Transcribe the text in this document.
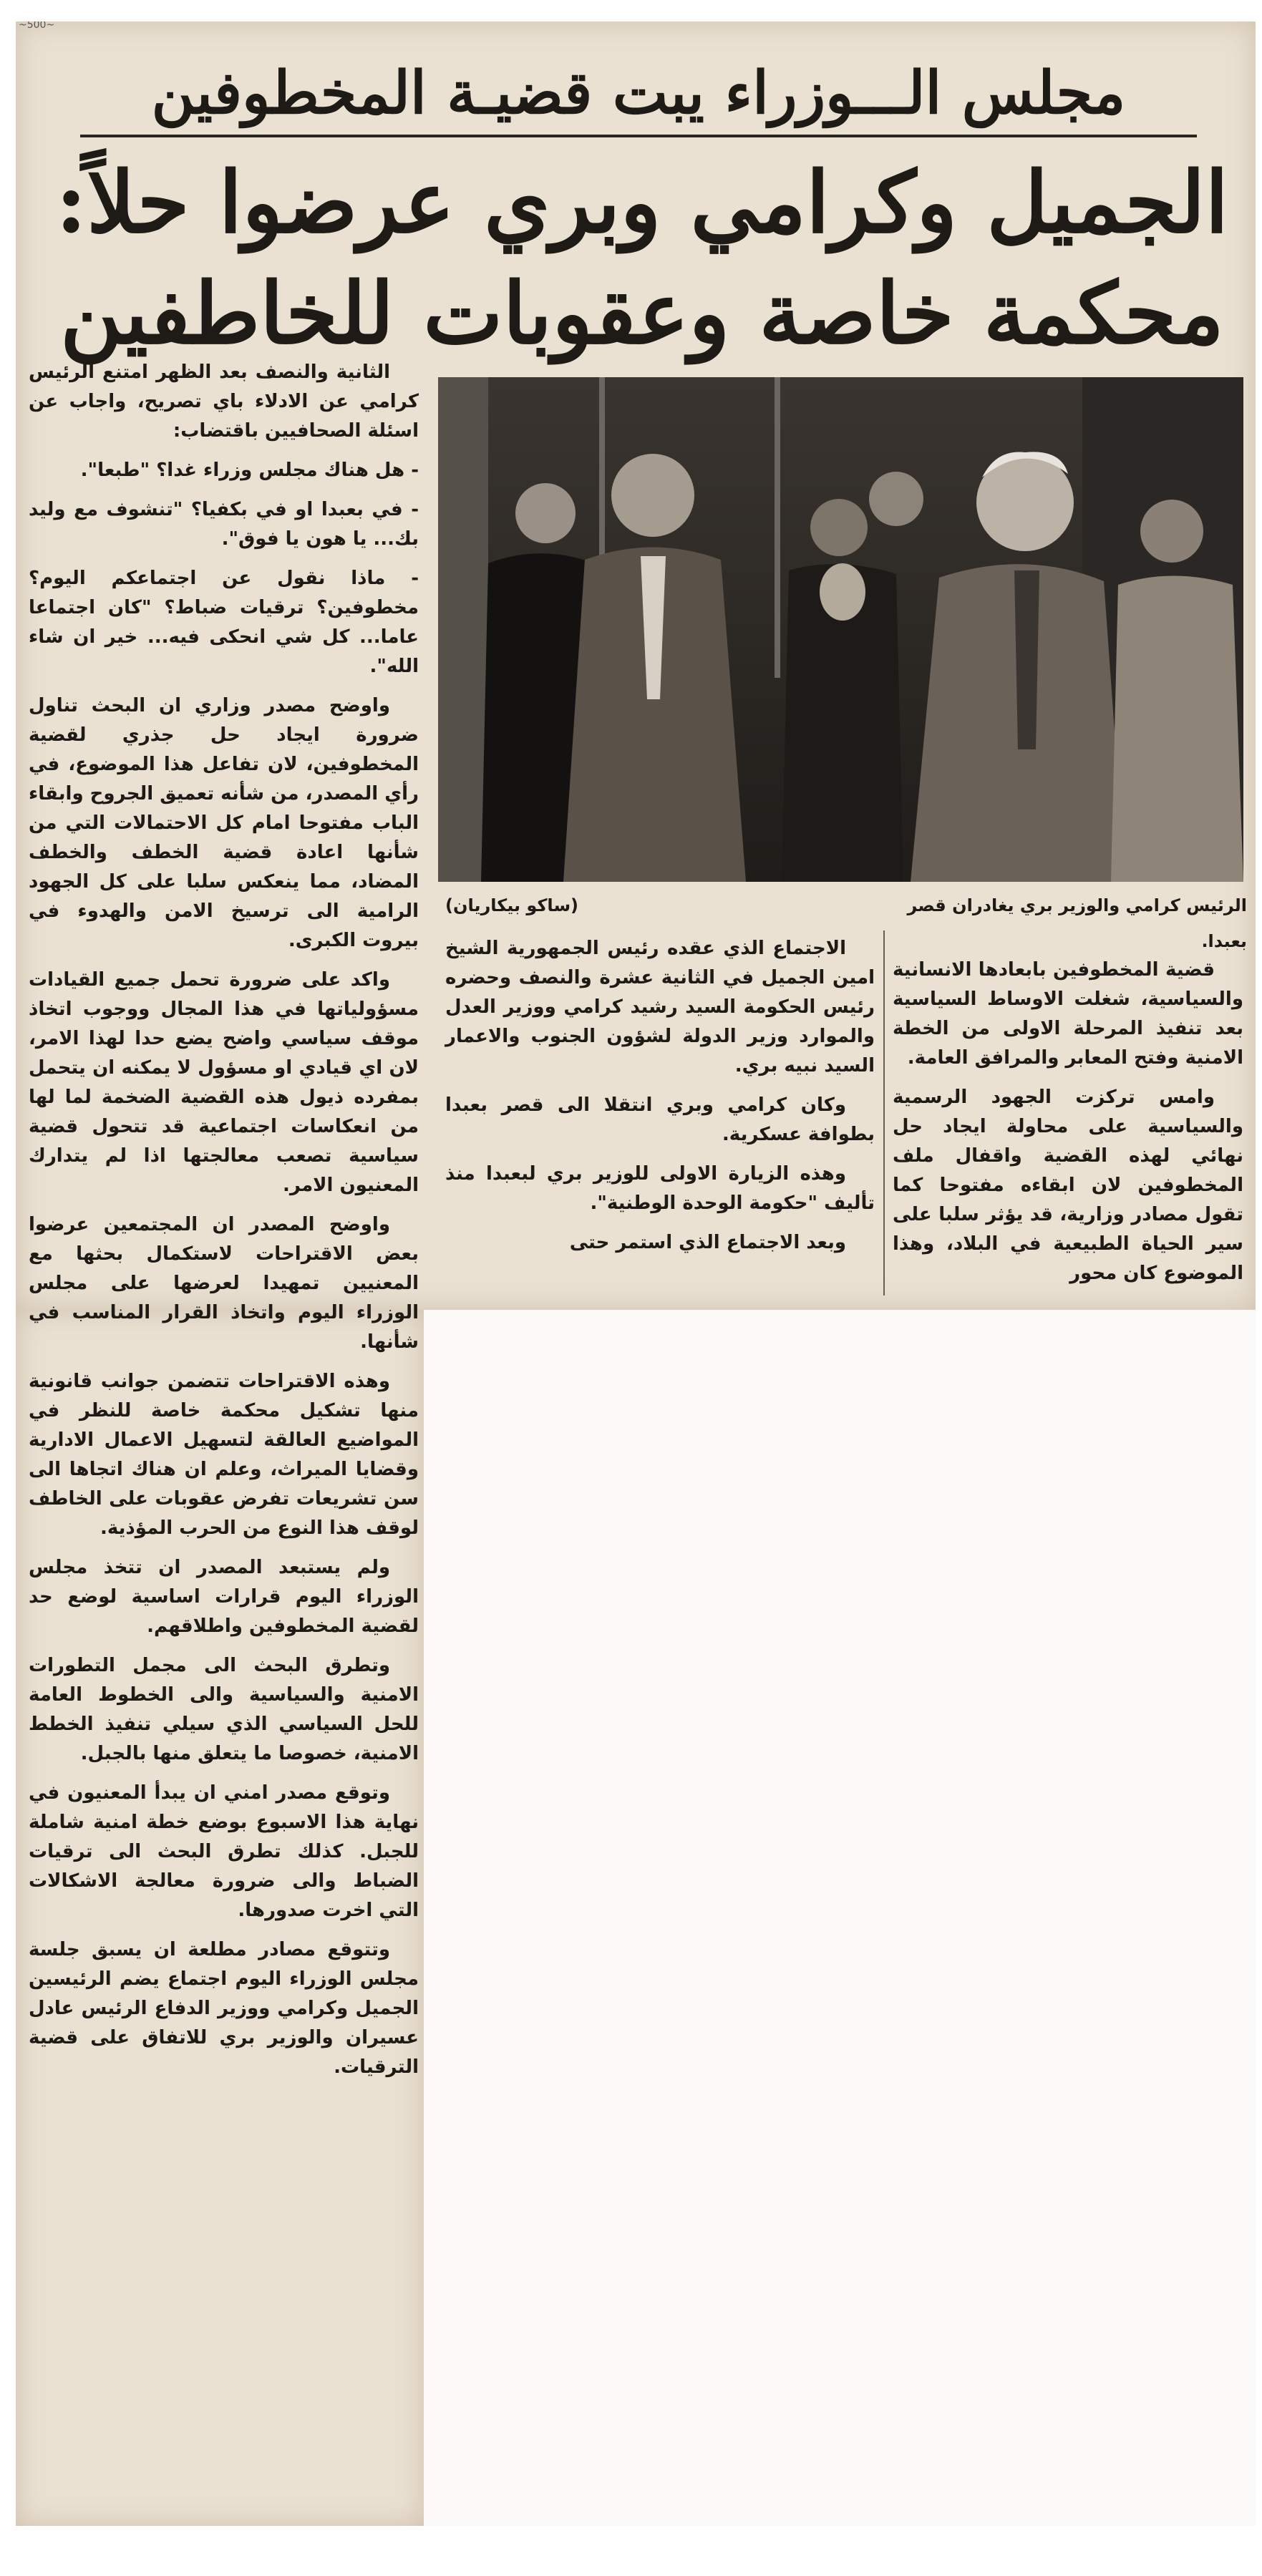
~500~
مجلس الـــوزراء يبت قضيـة المخطوفين
الجميل وكرامي وبري عرضوا حلاً:
محكمة خاصة وعقوبات للخاطفين
الرئيس كرامي والوزير بري يغادران قصر بعبدا.
(ساكو بيكاريان)

قضية المخطوفين بابعادها الانسانية والسياسية، شغلت الاوساط السياسية بعد تنفيذ المرحلة الاولى من الخطة الامنية وفتح المعابر والمرافق العامة.

وامس تركزت الجهود الرسمية والسياسية على محاولة ايجاد حل نهائي لهذه القضية واقفال ملف المخطوفين لان ابقاءه مفتوحا كما تقول مصادر وزارية، قد يؤثر سلبا على سير الحياة الطبيعية في البلاد، وهذا الموضوع كان محور

الاجتماع الذي عقده رئيس الجمهورية الشيخ امين الجميل في الثانية عشرة والنصف وحضره رئيس الحكومة السيد رشيد كرامي ووزير العدل والموارد وزير الدولة لشؤون الجنوب والاعمار السيد نبيه بري.

وكان كرامي وبري انتقلا الى قصر بعبدا بطوافة عسكرية.

وهذه الزيارة الاولى للوزير بري لبعبدا منذ تأليف "حكومة الوحدة الوطنية".

وبعد الاجتماع الذي استمر حتى

الثانية والنصف بعد الظهر امتنع الرئيس كرامي عن الادلاء باي تصريح، واجاب عن اسئلة الصحافيين باقتضاب:

- هل هناك مجلس وزراء غدا؟ "طبعا".

- في بعبدا او في بكفيا؟ "تنشوف مع وليد بك... يا هون يا فوق".

- ماذا نقول عن اجتماعكم اليوم؟ مخطوفين؟ ترقيات ضباط؟ "كان اجتماعا عاما... كل شي انحكى فيه... خير ان شاء الله".

واوضح مصدر وزاري ان البحث تناول ضرورة ايجاد حل جذري لقضية المخطوفين، لان تفاعل هذا الموضوع، في رأي المصدر، من شأنه تعميق الجروح وابقاء الباب مفتوحا امام كل الاحتمالات التي من شأنها اعادة قضية الخطف والخطف المضاد، مما ينعكس سلبا على كل الجهود الرامية الى ترسيخ الامن والهدوء في بيروت الكبرى.

واكد على ضرورة تحمل جميع القيادات مسؤولياتها في هذا المجال ووجوب اتخاذ موقف سياسي واضح يضع حدا لهذا الامر، لان اي قيادي او مسؤول لا يمكنه ان يتحمل بمفرده ذيول هذه القضية الضخمة لما لها من انعكاسات اجتماعية قد تتحول قضية سياسية تصعب معالجتها اذا لم يتدارك المعنيون الامر.

واوضح المصدر ان المجتمعين عرضوا بعض الاقتراحات لاستكمال بحثها مع المعنيين تمهيدا لعرضها على مجلس الوزراء اليوم واتخاذ القرار المناسب في شأنها.

وهذه الاقتراحات تتضمن جوانب قانونية منها تشكيل محكمة خاصة للنظر في المواضيع العالقة لتسهيل الاعمال الادارية وقضايا الميراث، وعلم ان هناك اتجاها الى سن تشريعات تفرض عقوبات على الخاطف لوقف هذا النوع من الحرب المؤذية.

ولم يستبعد المصدر ان تتخذ مجلس الوزراء اليوم قرارات اساسية لوضع حد لقضية المخطوفين واطلاقهم.

وتطرق البحث الى مجمل التطورات الامنية والسياسية والى الخطوط العامة للحل السياسي الذي سيلي تنفيذ الخطط الامنية، خصوصا ما يتعلق منها بالجبل.

وتوقع مصدر امني ان يبدأ المعنيون في نهاية هذا الاسبوع بوضع خطة امنية شاملة للجبل. كذلك تطرق البحث الى ترقيات الضباط والى ضرورة معالجة الاشكالات التي اخرت صدورها.

وتتوقع مصادر مطلعة ان يسبق جلسة مجلس الوزراء اليوم اجتماع يضم الرئيسين الجميل وكرامي ووزير الدفاع الرئيس عادل عسيران والوزير بري للاتفاق على قضية الترقيات.
